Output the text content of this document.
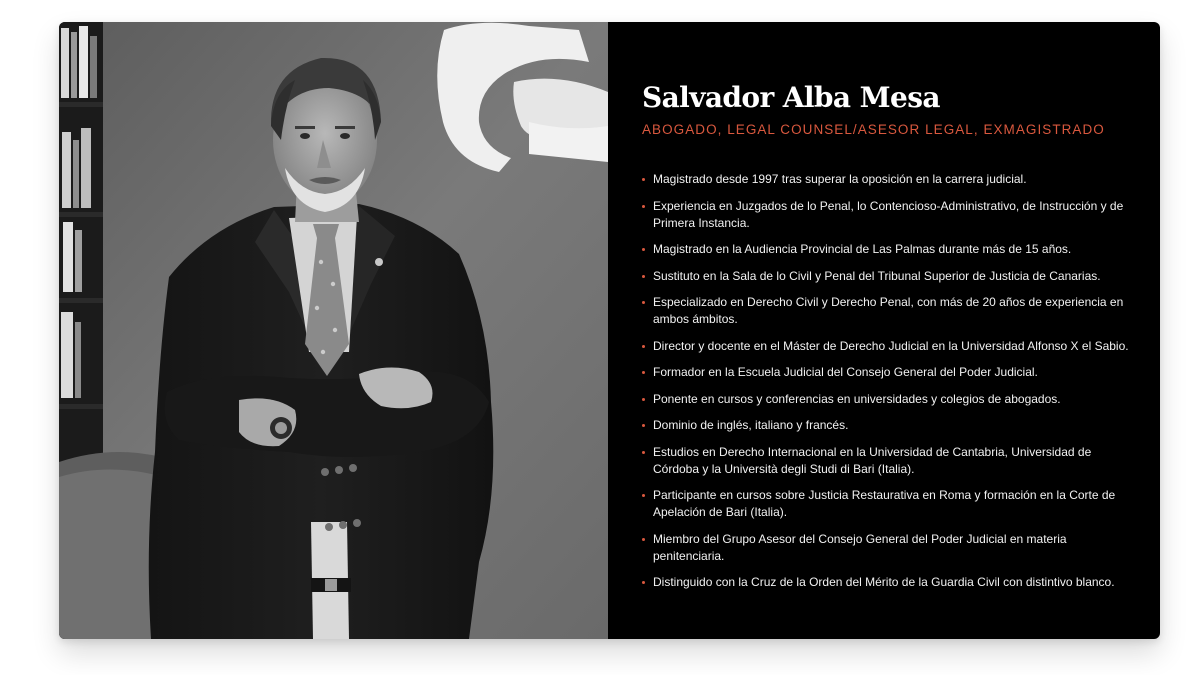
Salvador Alba Mesa
ABOGADO, LEGAL COUNSEL/ASESOR LEGAL, EXMAGISTRADO
Magistrado desde 1997 tras superar la oposición en la carrera judicial.
Experiencia en Juzgados de lo Penal, lo Contencioso-Administrativo, de Instrucción y de Primera Instancia.
Magistrado en la Audiencia Provincial de Las Palmas durante más de 15 años.
Sustituto en la Sala de lo Civil y Penal del Tribunal Superior de Justicia de Canarias.
Especializado en Derecho Civil y Derecho Penal, con más de 20 años de experiencia en ambos ámbitos.
Director y docente en el Máster de Derecho Judicial en la Universidad Alfonso X el Sabio.
Formador en la Escuela Judicial del Consejo General del Poder Judicial.
Ponente en cursos y conferencias en universidades y colegios de abogados.
Dominio de inglés, italiano y francés.
Estudios en Derecho Internacional en la Universidad de Cantabria, Universidad de Córdoba y la Università degli Studi di Bari (Italia).
Participante en cursos sobre Justicia Restaurativa en Roma y formación en la Corte de Apelación de Bari (Italia).
Miembro del Grupo Asesor del Consejo General del Poder Judicial en materia penitenciaria.
Distinguido con la Cruz de la Orden del Mérito de la Guardia Civil con distintivo blanco.
